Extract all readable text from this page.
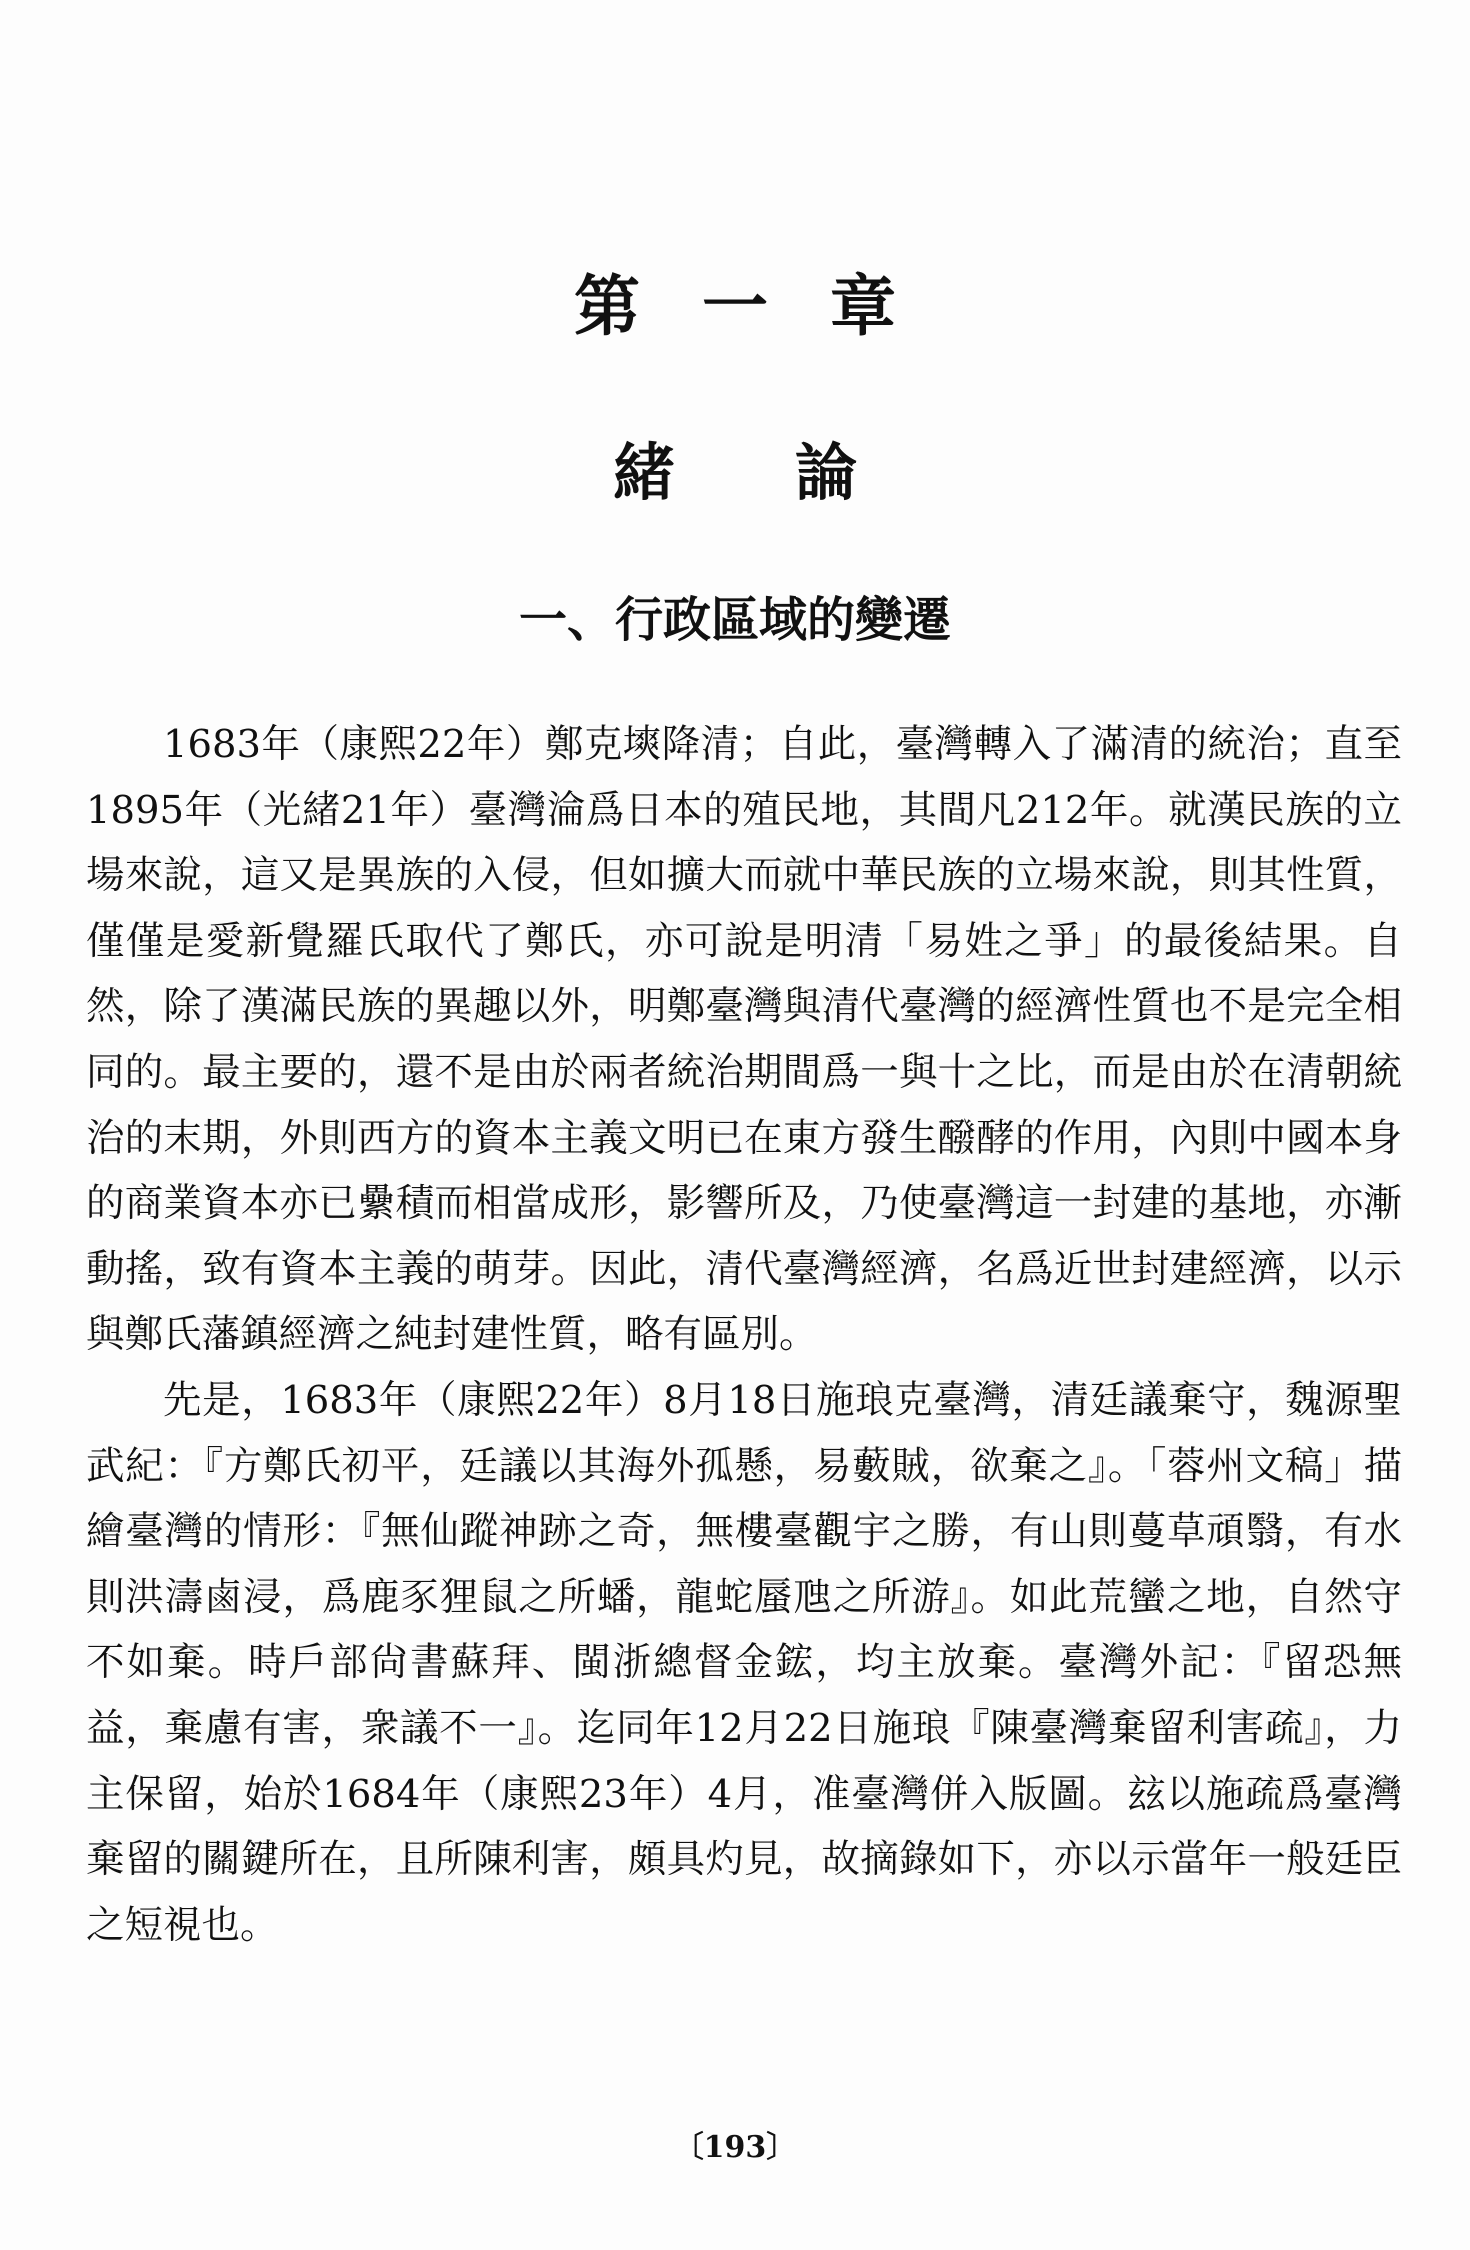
第一章
緒論
一、行政區域的變遷

1683年（康熙22年）鄭克塽降清；自此，臺灣轉入了滿清的統治；直至1895年（光緒21年）臺灣淪爲日本的殖民地，其間凡212年。就漢民族的立場來說，這又是異族的入侵，但如擴大而就中華民族的立場來說，則其性質，僅僅是愛新覺羅氏取代了鄭氏，亦可說是明清「易姓之爭」的最後結果。自然，除了漢滿民族的異趣以外，明鄭臺灣與清代臺灣的經濟性質也不是完全相同的。最主要的，還不是由於兩者統治期間爲一與十之比，而是由於在清朝統治的末期，外則西方的資本主義文明已在東方發生醱酵的作用，內則中國本身的商業資本亦已纍積而相當成形，影響所及，乃使臺灣這一封建的基地，亦漸動搖，致有資本主義的萌芽。因此，清代臺灣經濟，名爲近世封建經濟，以示與鄭氏藩鎮經濟之純封建性質，略有區別。

先是，1683年（康熙22年）8月18日施琅克臺灣，清廷議棄守，魏源聖武紀：『方鄭氏初平，廷議以其海外孤懸，易藪賊，欲棄之』。「蓉州文稿」描繪臺灣的情形：『無仙蹤神跡之奇，無樓臺觀宇之勝，有山則蔓草頑翳，有水則洪濤鹵浸，爲鹿豕狸鼠之所蟠，龍蛇蜃虺之所游』。如此荒蠻之地，自然守不如棄。時戶部尙書蘇拜、閩浙總督金鋐，均主放棄。臺灣外記：『留恐無益，棄慮有害，衆議不一』。迄同年12月22日施琅『陳臺灣棄留利害疏』，力主保留，始於1684年（康熙23年）4月，准臺灣併入版圖。玆以施疏爲臺灣棄留的關鍵所在，且所陳利害，頗具灼見，故摘錄如下，亦以示當年一般廷臣之短視也。

〔193〕
